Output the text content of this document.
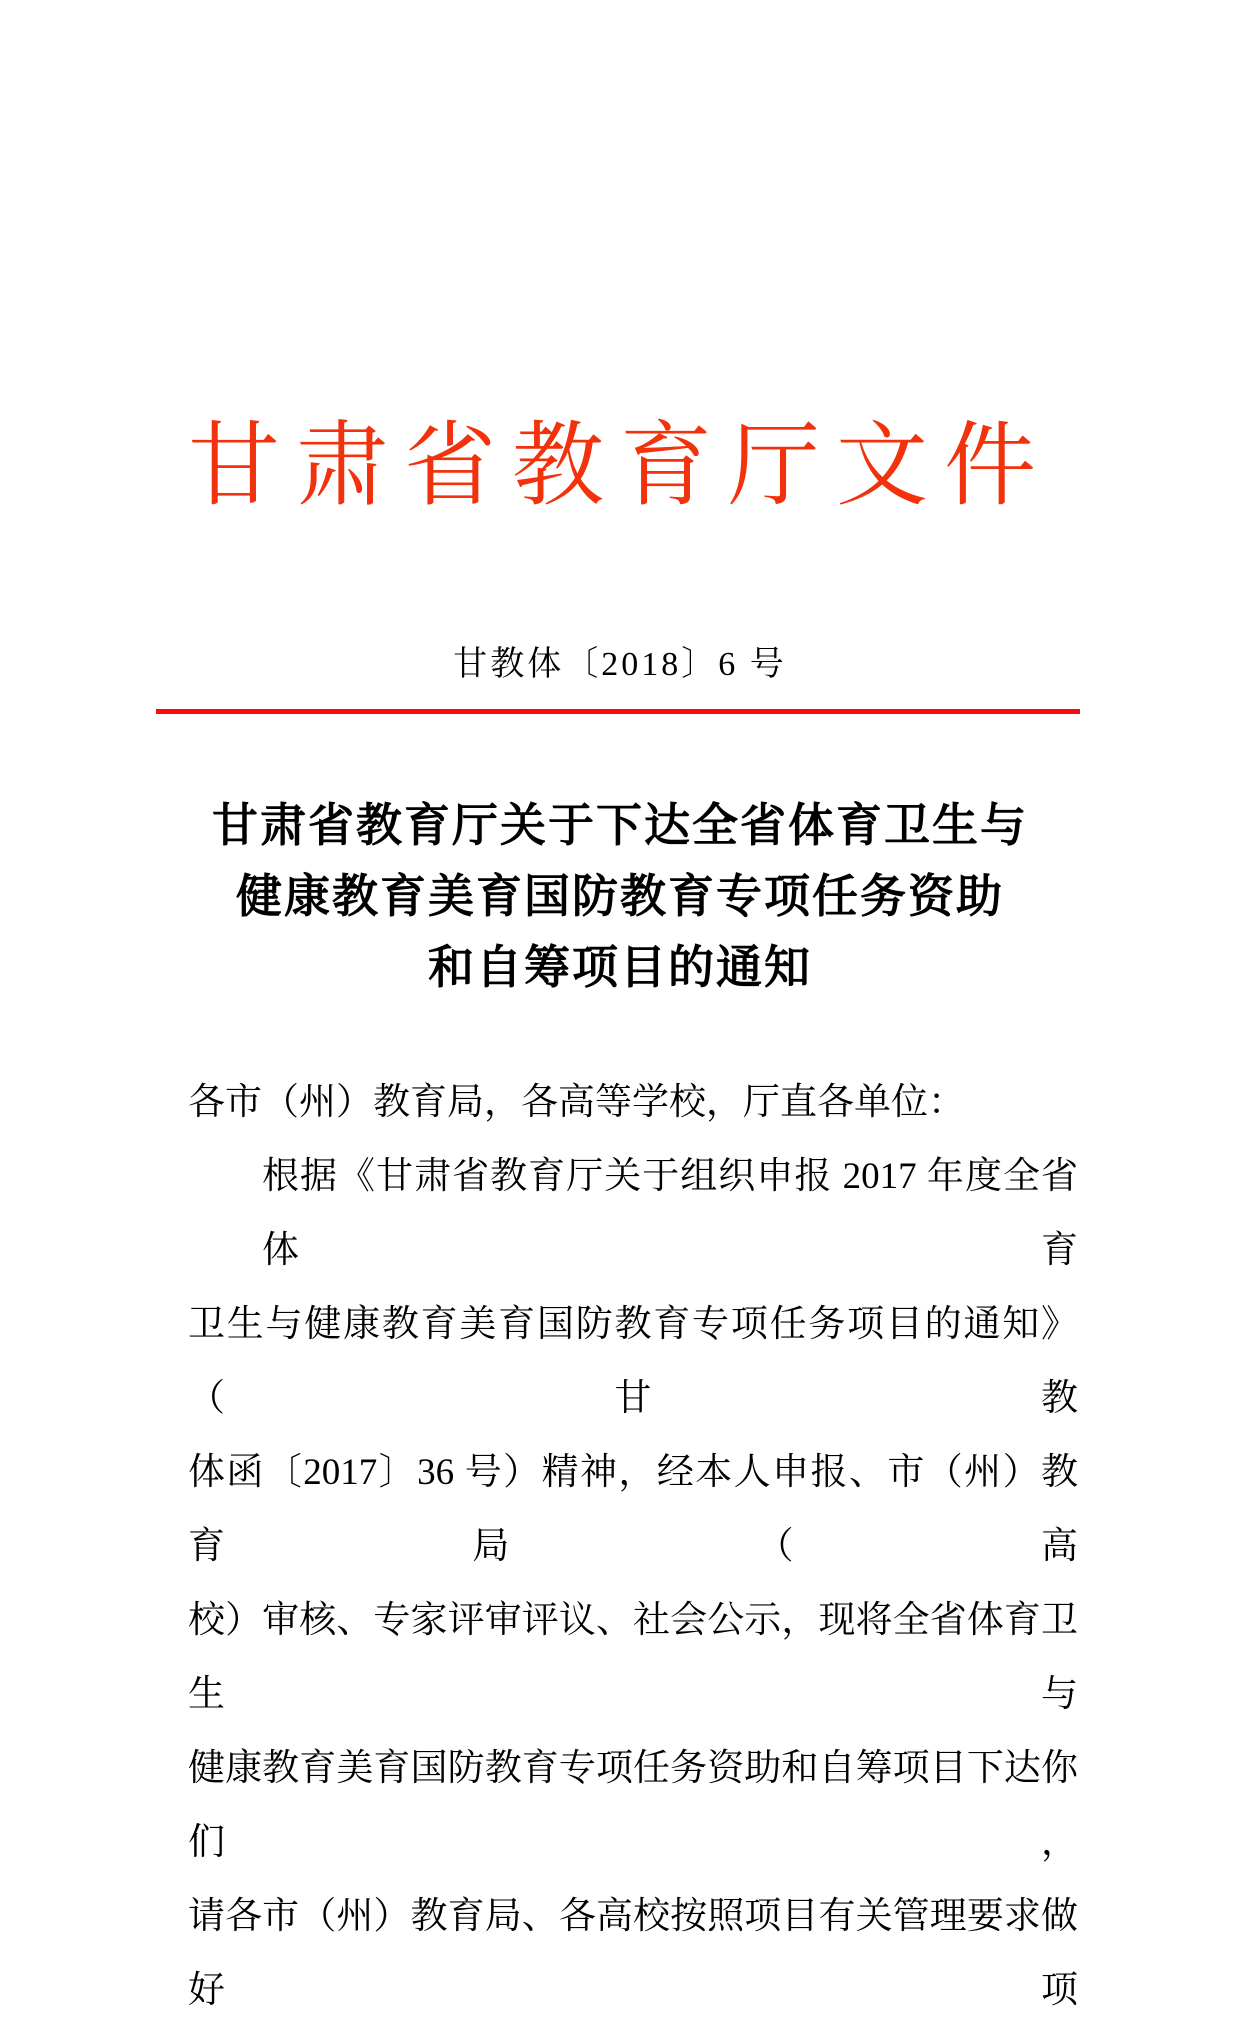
甘肃省教育厅文件
甘教体〔2018〕6 号
甘肃省教育厅关于下达全省体育卫生与
健康教育美育国防教育专项任务资助
和自筹项目的通知
各市（州）教育局，各高等学校，厅直各单位：
根据《甘肃省教育厅关于组织申报 2017 年度全省体育
卫生与健康教育美育国防教育专项任务项目的通知》（甘教
体函〔2017〕36 号）精神，经本人申报、市（州）教育局（高
校）审核、专家评审评议、社会公示，现将全省体育卫生与
健康教育美育国防教育专项任务资助和自筹项目下达你们，
请各市（州）教育局、各高校按照项目有关管理要求做好项
